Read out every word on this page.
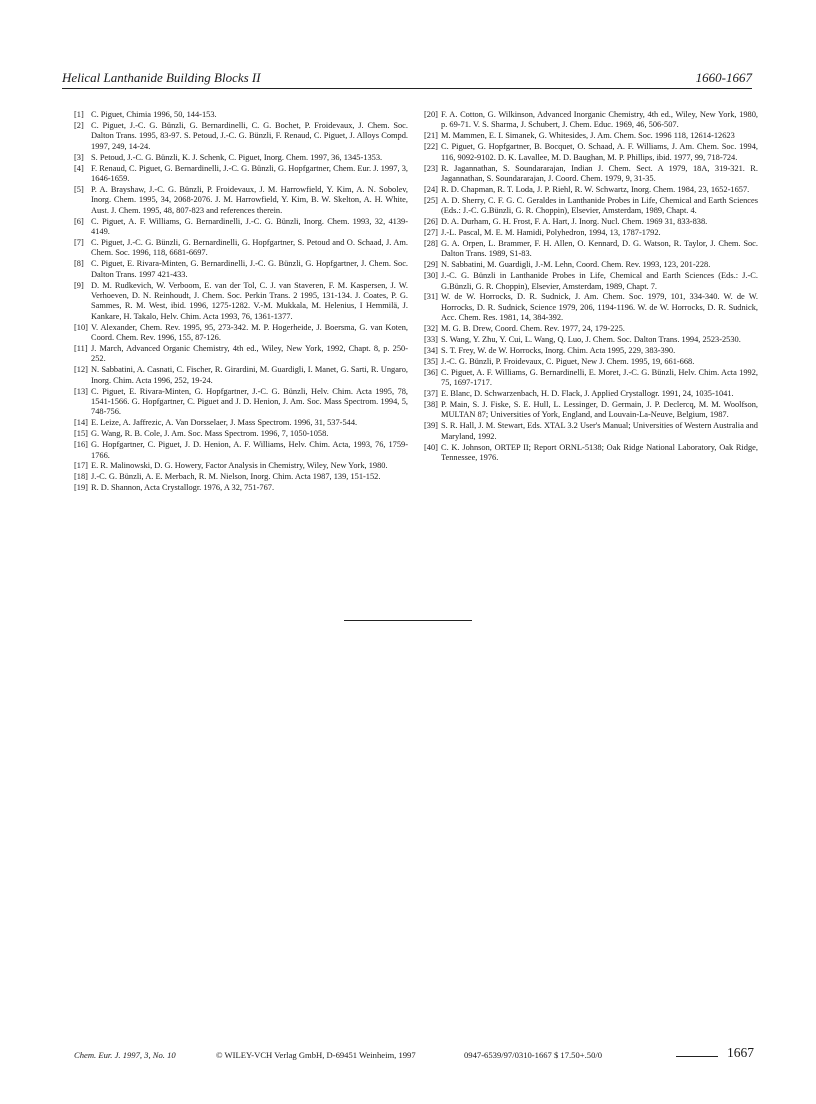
Helical Lanthanide Building Blocks II	1660-1667
[1] C. Piguet, Chimia 1996, 50, 144-153.
[2] C. Piguet, J.-C. G. Bünzli, G. Bernardinelli, C. G. Bochet, P. Froidevaux, J. Chem. Soc. Dalton Trans. 1995, 83-97. S. Petoud, J.-C. G. Bünzli, F. Renaud, C. Piguet, J. Alloys Compd. 1997, 249, 14-24.
[3] S. Petoud, J.-C. G. Bünzli, K. J. Schenk, C. Piguet, Inorg. Chem. 1997, 36, 1345-1353.
[4] F. Renaud, C. Piguet, G. Bernardinelli, J.-C. G. Bünzli, G. Hopfgartner, Chem. Eur. J. 1997, 3, 1646-1659.
[5] P. A. Brayshaw, J.-C. G. Bünzli, P. Froidevaux, J. M. Harrowfield, Y. Kim, A. N. Sobolev, Inorg. Chem. 1995, 34, 2068-2076. J. M. Harrowfield, Y. Kim, B. W. Skelton, A. H. White, Aust. J. Chem. 1995, 48, 807-823 and references therein.
[6] C. Piguet, A. F. Williams, G. Bernardinelli, J.-C. G. Bünzli, Inorg. Chem. 1993, 32, 4139-4149.
[7] C. Piguet, J.-C. G. Bünzli, G. Bernardinelli, G. Hopfgartner, S. Petoud and O. Schaad, J. Am. Chem. Soc. 1996, 118, 6681-6697.
[8] C. Piguet, E. Rivara-Minten, G. Bernardinelli, J.-C. G. Bünzli, G. Hopfgartner, J. Chem. Soc. Dalton Trans. 1997 421-433.
[9] D. M. Rudkevich, W. Verboom, E. van der Tol, C. J. van Staveren, F. M. Kaspersen, J. W. Verhoeven, D. N. Reinhoudt, J. Chem. Soc. Perkin Trans. 2 1995, 131-134. J. Coates, P. G. Sammes, R. M. West, ibid. 1996, 1275-1282. V.-M. Mukkala, M. Helenius, I Hemmilä, J. Kankare, H. Takalo, Helv. Chim. Acta 1993, 76, 1361-1377.
[10] V. Alexander, Chem. Rev. 1995, 95, 273-342. M. P. Hogerheide, J. Boersma, G. van Koten, Coord. Chem. Rev. 1996, 155, 87-126.
[11] J. March, Advanced Organic Chemistry, 4th ed., Wiley, New York, 1992, Chapt. 8, p. 250-252.
[12] N. Sabbatini, A. Casnati, C. Fischer, R. Girardini, M. Guardigli, I. Manet, G. Sarti, R. Ungaro, Inorg. Chim. Acta 1996, 252, 19-24.
[13] C. Piguet, E. Rivara-Minten, G. Hopfgartner, J.-C. G. Bünzli, Helv. Chim. Acta 1995, 78, 1541-1566. G. Hopfgartner, C. Piguet and J. D. Henion, J. Am. Soc. Mass Spectrom. 1994, 5, 748-756.
[14] E. Leize, A. Jaffrezic, A. Van Dorsselaer, J. Mass Spectrom. 1996, 31, 537-544.
[15] G. Wang, R. B. Cole, J. Am. Soc. Mass Spectrom. 1996, 7, 1050-1058.
[16] G. Hopfgartner, C. Piguet, J. D. Henion, A. F. Williams, Helv. Chim. Acta, 1993, 76, 1759-1766.
[17] E. R. Malinowski, D. G. Howery, Factor Analysis in Chemistry, Wiley, New York, 1980.
[18] J.-C. G. Bünzli, A. E. Merbach, R. M. Nielson, Inorg. Chim. Acta 1987, 139, 151-152.
[19] R. D. Shannon, Acta Crystallogr. 1976, A 32, 751-767.
[20] F. A. Cotton, G. Wilkinson, Advanced Inorganic Chemistry, 4th ed., Wiley, New York, 1980, p. 69-71. V. S. Sharma, J. Schubert, J. Chem. Educ. 1969, 46, 506-507.
[21] M. Mammen, E. I. Simanek, G. Whitesides, J. Am. Chem. Soc. 1996 118, 12614-12623
[22] C. Piguet, G. Hopfgartner, B. Bocquet, O. Schaad, A. F. Williams, J. Am. Chem. Soc. 1994, 116, 9092-9102. D. K. Lavallee, M. D. Baughan, M. P. Phillips, ibid. 1977, 99, 718-724.
[23] R. Jagannathan, S. Soundararajan, Indian J. Chem. Sect. A 1979, 18A, 319-321. R. Jagannathan, S. Soundararajan, J. Coord. Chem. 1979, 9, 31-35.
[24] R. D. Chapman, R. T. Loda, J. P. Riehl, R. W. Schwartz, Inorg. Chem. 1984, 23, 1652-1657.
[25] A. D. Sherry, C. F. G. C. Geraldes in Lanthanide Probes in Life, Chemical and Earth Sciences (Eds.: J.-C. G.Bünzli, G. R. Choppin), Elsevier, Amsterdam, 1989, Chapt. 4.
[26] D. A. Durham, G. H. Frost, F. A. Hart, J. Inorg. Nucl. Chem. 1969 31, 833-838.
[27] J.-L. Pascal, M. E. M. Hamidi, Polyhedron, 1994, 13, 1787-1792.
[28] G. A. Orpen, L. Brammer, F. H. Allen, O. Kennard, D. G. Watson, R. Taylor, J. Chem. Soc. Dalton Trans. 1989, S1-83.
[29] N. Sabbatini, M. Guardigli, J.-M. Lehn, Coord. Chem. Rev. 1993, 123, 201-228.
[30] J.-C. G. Bünzli in Lanthanide Probes in Life, Chemical and Earth Sciences (Eds.: J.-C. G.Bünzli, G. R. Choppin), Elsevier, Amsterdam, 1989, Chapt. 7.
[31] W. de W. Horrocks, D. R. Sudnick, J. Am. Chem. Soc. 1979, 101, 334-340. W. de W. Horrocks, D. R. Sudnick, Science 1979, 206, 1194-1196. W. de W. Horrocks, D. R. Sudnick, Acc. Chem. Res. 1981, 14, 384-392.
[32] M. G. B. Drew, Coord. Chem. Rev. 1977, 24, 179-225.
[33] S. Wang, Y. Zhu, Y. Cui, L. Wang, Q. Luo, J. Chem. Soc. Dalton Trans. 1994, 2523-2530.
[34] S. T. Frey, W. de W. Horrocks, Inorg. Chim. Acta 1995, 229, 383-390.
[35] J.-C. G. Bünzli, P. Froidevaux, C. Piguet, New J. Chem. 1995, 19, 661-668.
[36] C. Piguet, A. F. Williams, G. Bernardinelli, E. Moret, J.-C. G. Bünzli, Helv. Chim. Acta 1992, 75, 1697-1717.
[37] E. Blanc, D. Schwarzenbach, H. D. Flack, J. Applied Crystallogr. 1991, 24, 1035-1041.
[38] P. Main, S. J. Fiske, S. E. Hull, L. Lessinger, D. Germain, J. P. Declercq, M. M. Woolfson, MULTAN 87; Universities of York, England, and Louvain-La-Neuve, Belgium, 1987.
[39] S. R. Hall, J. M. Stewart, Eds. XTAL 3.2 User's Manual; Universities of Western Australia and Maryland, 1992.
[40] C. K. Johnson, ORTEP II; Report ORNL-5138; Oak Ridge National Laboratory, Oak Ridge, Tennessee, 1976.
Chem. Eur. J. 1997, 3, No. 10	© WILEY-VCH Verlag GmbH, D-69451 Weinheim, 1997	0947-6539/97/0310-1667 $ 17.50+.50/0	1667
